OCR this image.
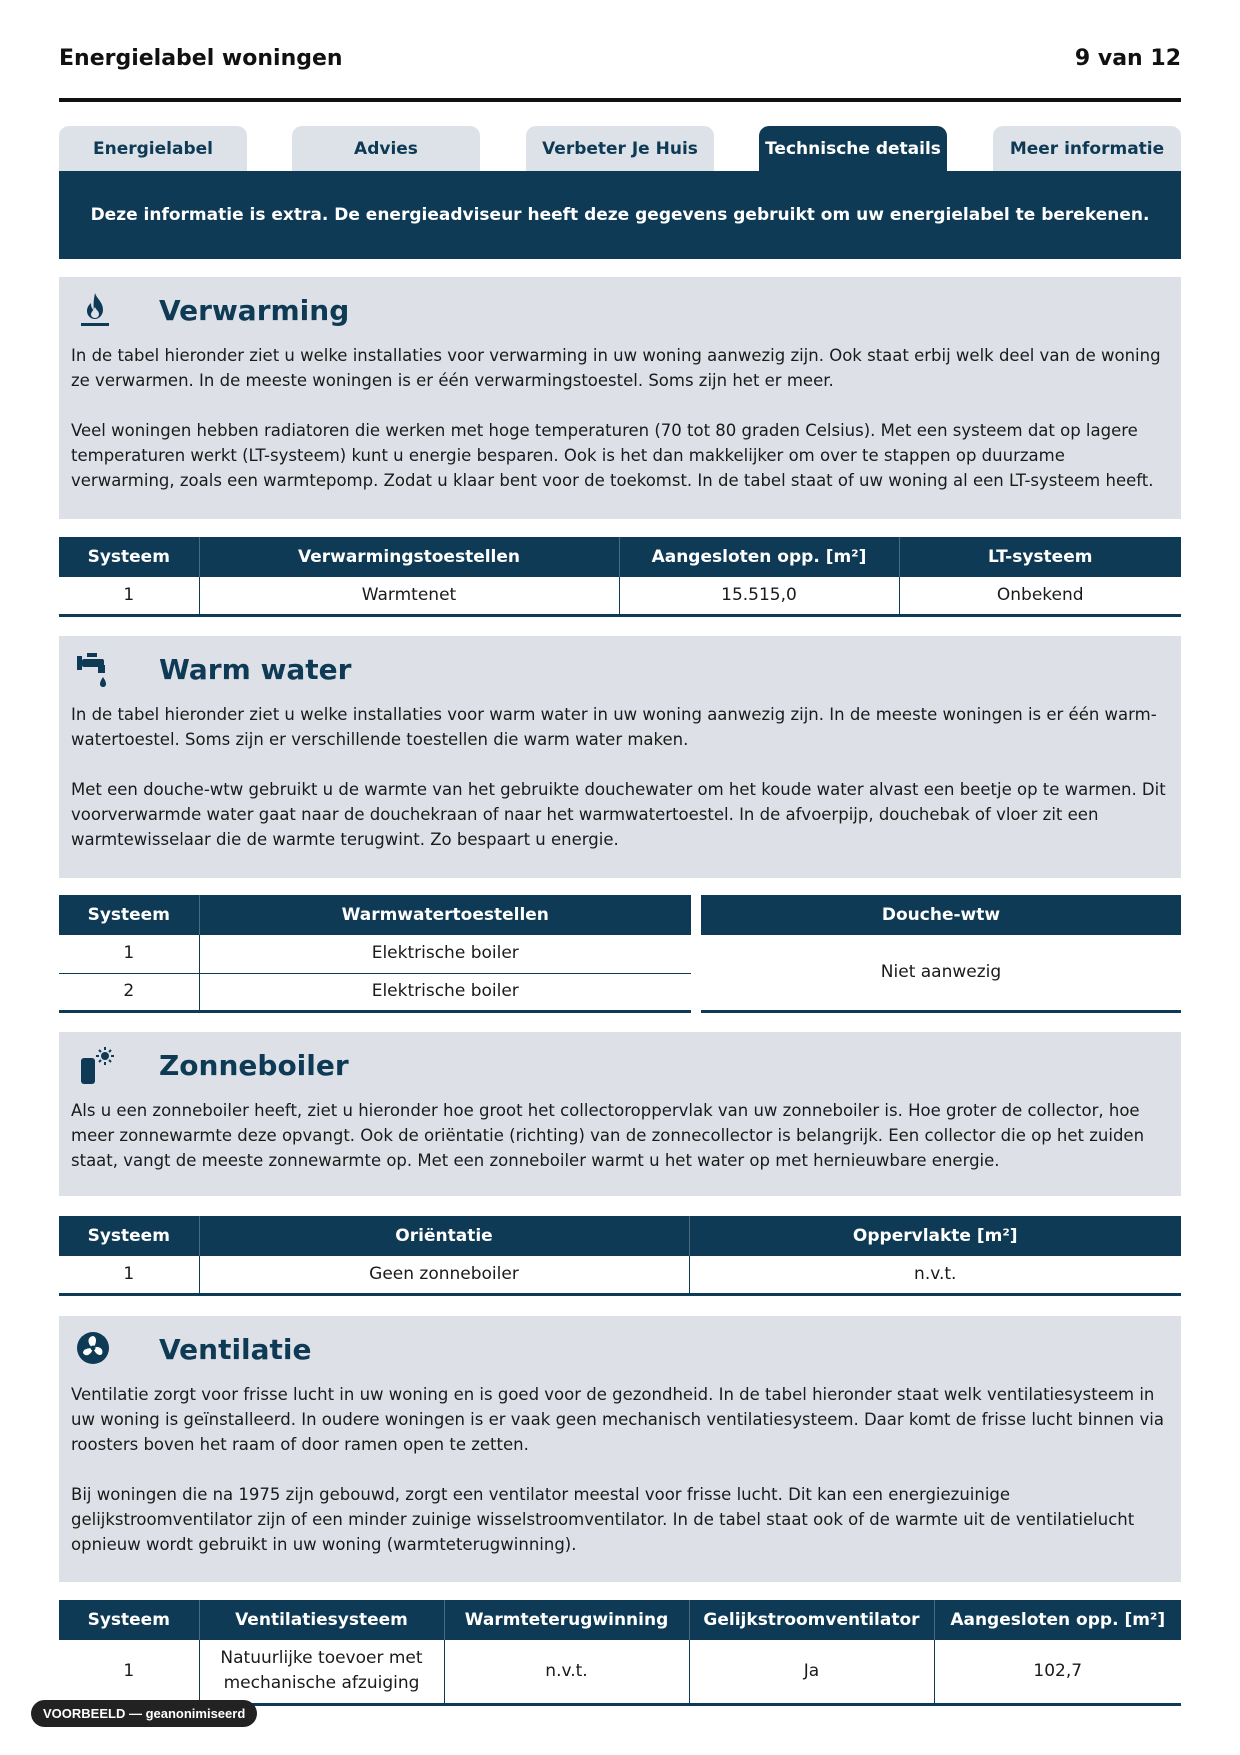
Energielabel woningen	9 van 12
Energielabel	Advies	Verbeter Je Huis	Technische details	Meer informatie
Deze informatie is extra. De energieadviseur heeft deze gegevens gebruikt om uw energielabel te berekenen.
Verwarming

In de tabel hieronder ziet u welke installaties voor verwarming in uw woning aanwezig zijn. Ook staat erbij welk deel van de woning ze verwarmen. In de meeste woningen is er één verwarmingstoestel. Soms zijn het er meer.

Veel woningen hebben radiatoren die werken met hoge temperaturen (70 tot 80 graden Celsius). Met een systeem dat op lagere temperaturen werkt (LT-systeem) kunt u energie besparen. Ook is het dan makkelijker om over te stappen op duurzame verwarming, zoals een warmtepomp. Zodat u klaar bent voor de toekomst. In de tabel staat of uw woning al een LT-systeem heeft.

Systeem	Verwarmingstoestellen	Aangesloten opp. [m²]	LT-systeem
1	Warmtenet	15.515,0	Onbekend
Warm water

In de tabel hieronder ziet u welke installaties voor warm water in uw woning aanwezig zijn. In de meeste woningen is er één warmwatertoestel. Soms zijn er verschillende toestellen die warm water maken.

Met een douche-wtw gebruikt u de warmte van het gebruikte douchewater om het koude water alvast een beetje op te warmen. Dit voorverwarmde water gaat naar de douchekraan of naar het warmwatertoestel. In de afvoerpijp, douchebak of vloer zit een warmtewisselaar die de warmte terugwint. Zo bespaart u energie.

Systeem	Warmwatertoestellen
1	Elektrische boiler
2	Elektrische boiler
Douche-wtw
Niet aanwezig
Zonneboiler

Als u een zonneboiler heeft, ziet u hieronder hoe groot het collectoroppervlak van uw zonneboiler is. Hoe groter de collector, hoe meer zonnewarmte deze opvangt. Ook de oriëntatie (richting) van de zonnecollector is belangrijk. Een collector die op het zuiden staat, vangt de meeste zonnewarmte op. Met een zonneboiler warmt u het water op met hernieuwbare energie.

Systeem	Oriëntatie	Oppervlakte [m²]
1	Geen zonneboiler	n.v.t.
Ventilatie

Ventilatie zorgt voor frisse lucht in uw woning en is goed voor de gezondheid. In de tabel hieronder staat welk ventilatiesysteem in uw woning is geïnstalleerd. In oudere woningen is er vaak geen mechanisch ventilatiesysteem. Daar komt de frisse lucht binnen via roosters boven het raam of door ramen open te zetten.

Bij woningen die na 1975 zijn gebouwd, zorgt een ventilator meestal voor frisse lucht. Dit kan een energiezuinige gelijkstroomventilator zijn of een minder zuinige wisselstroomventilator. In de tabel staat ook of de warmte uit de ventilatielucht opnieuw wordt gebruikt in uw woning (warmteterugwinning).

Systeem	Ventilatiesysteem	Warmteterugwinning	Gelijkstroomventilator	Aangesloten opp. [m²]
1	Natuurlijke toevoer met mechanische afzuiging	n.v.t.	Ja	102,7
VOORBEELD — geanonimiseerd
